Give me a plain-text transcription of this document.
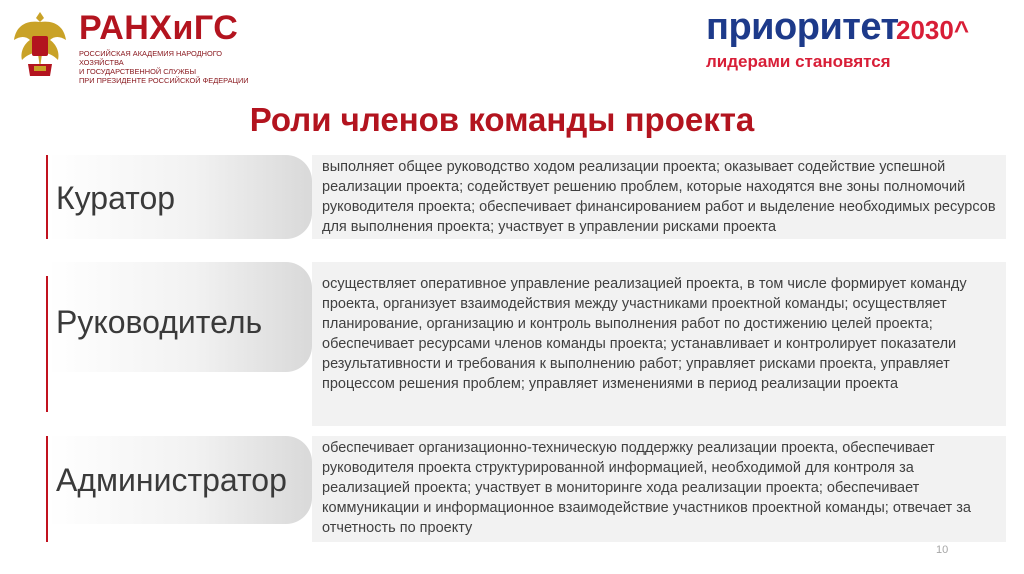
РАНХиГС
РОССИЙСКАЯ АКАДЕМИЯ НАРОДНОГО ХОЗЯЙСТВА
И ГОСУДАРСТВЕННОЙ СЛУЖБЫ
ПРИ ПРЕЗИДЕНТЕ РОССИЙСКОЙ ФЕДЕРАЦИИ
приоритет
2030^
лидерами становятся
Роли членов команды проекта
Куратор
выполняет общее руководство ходом реализации проекта; оказывает содействие успешной реализации проекта; содействует решению проблем, которые находятся вне зоны полномочий руководителя проекта; обеспечивает финансированием работ и выделение необходимых ресурсов для выполнения проекта; участвует в управлении рисками проекта
Руководитель
осуществляет оперативное управление реализацией проекта, в том числе формирует команду проекта, организует взаимодействия между участниками проектной команды; осуществляет планирование, организацию и контроль выполнения работ по достижению целей проекта; обеспечивает ресурсами членов команды проекта; устанавливает и контролирует показатели результативности и требования к выполнению работ; управляет рисками проекта, управляет процессом решения проблем; управляет изменениями в период реализации проекта
Администратор
обеспечивает организационно-техническую поддержку реализации проекта, обеспечивает руководителя проекта структурированной информацией, необходимой для контроля за реализацией проекта; участвует в мониторинге хода реализации проекта; обеспечивает коммуникации и информационное взаимодействие участников проектной команды; отвечает за отчетность по проекту
10
